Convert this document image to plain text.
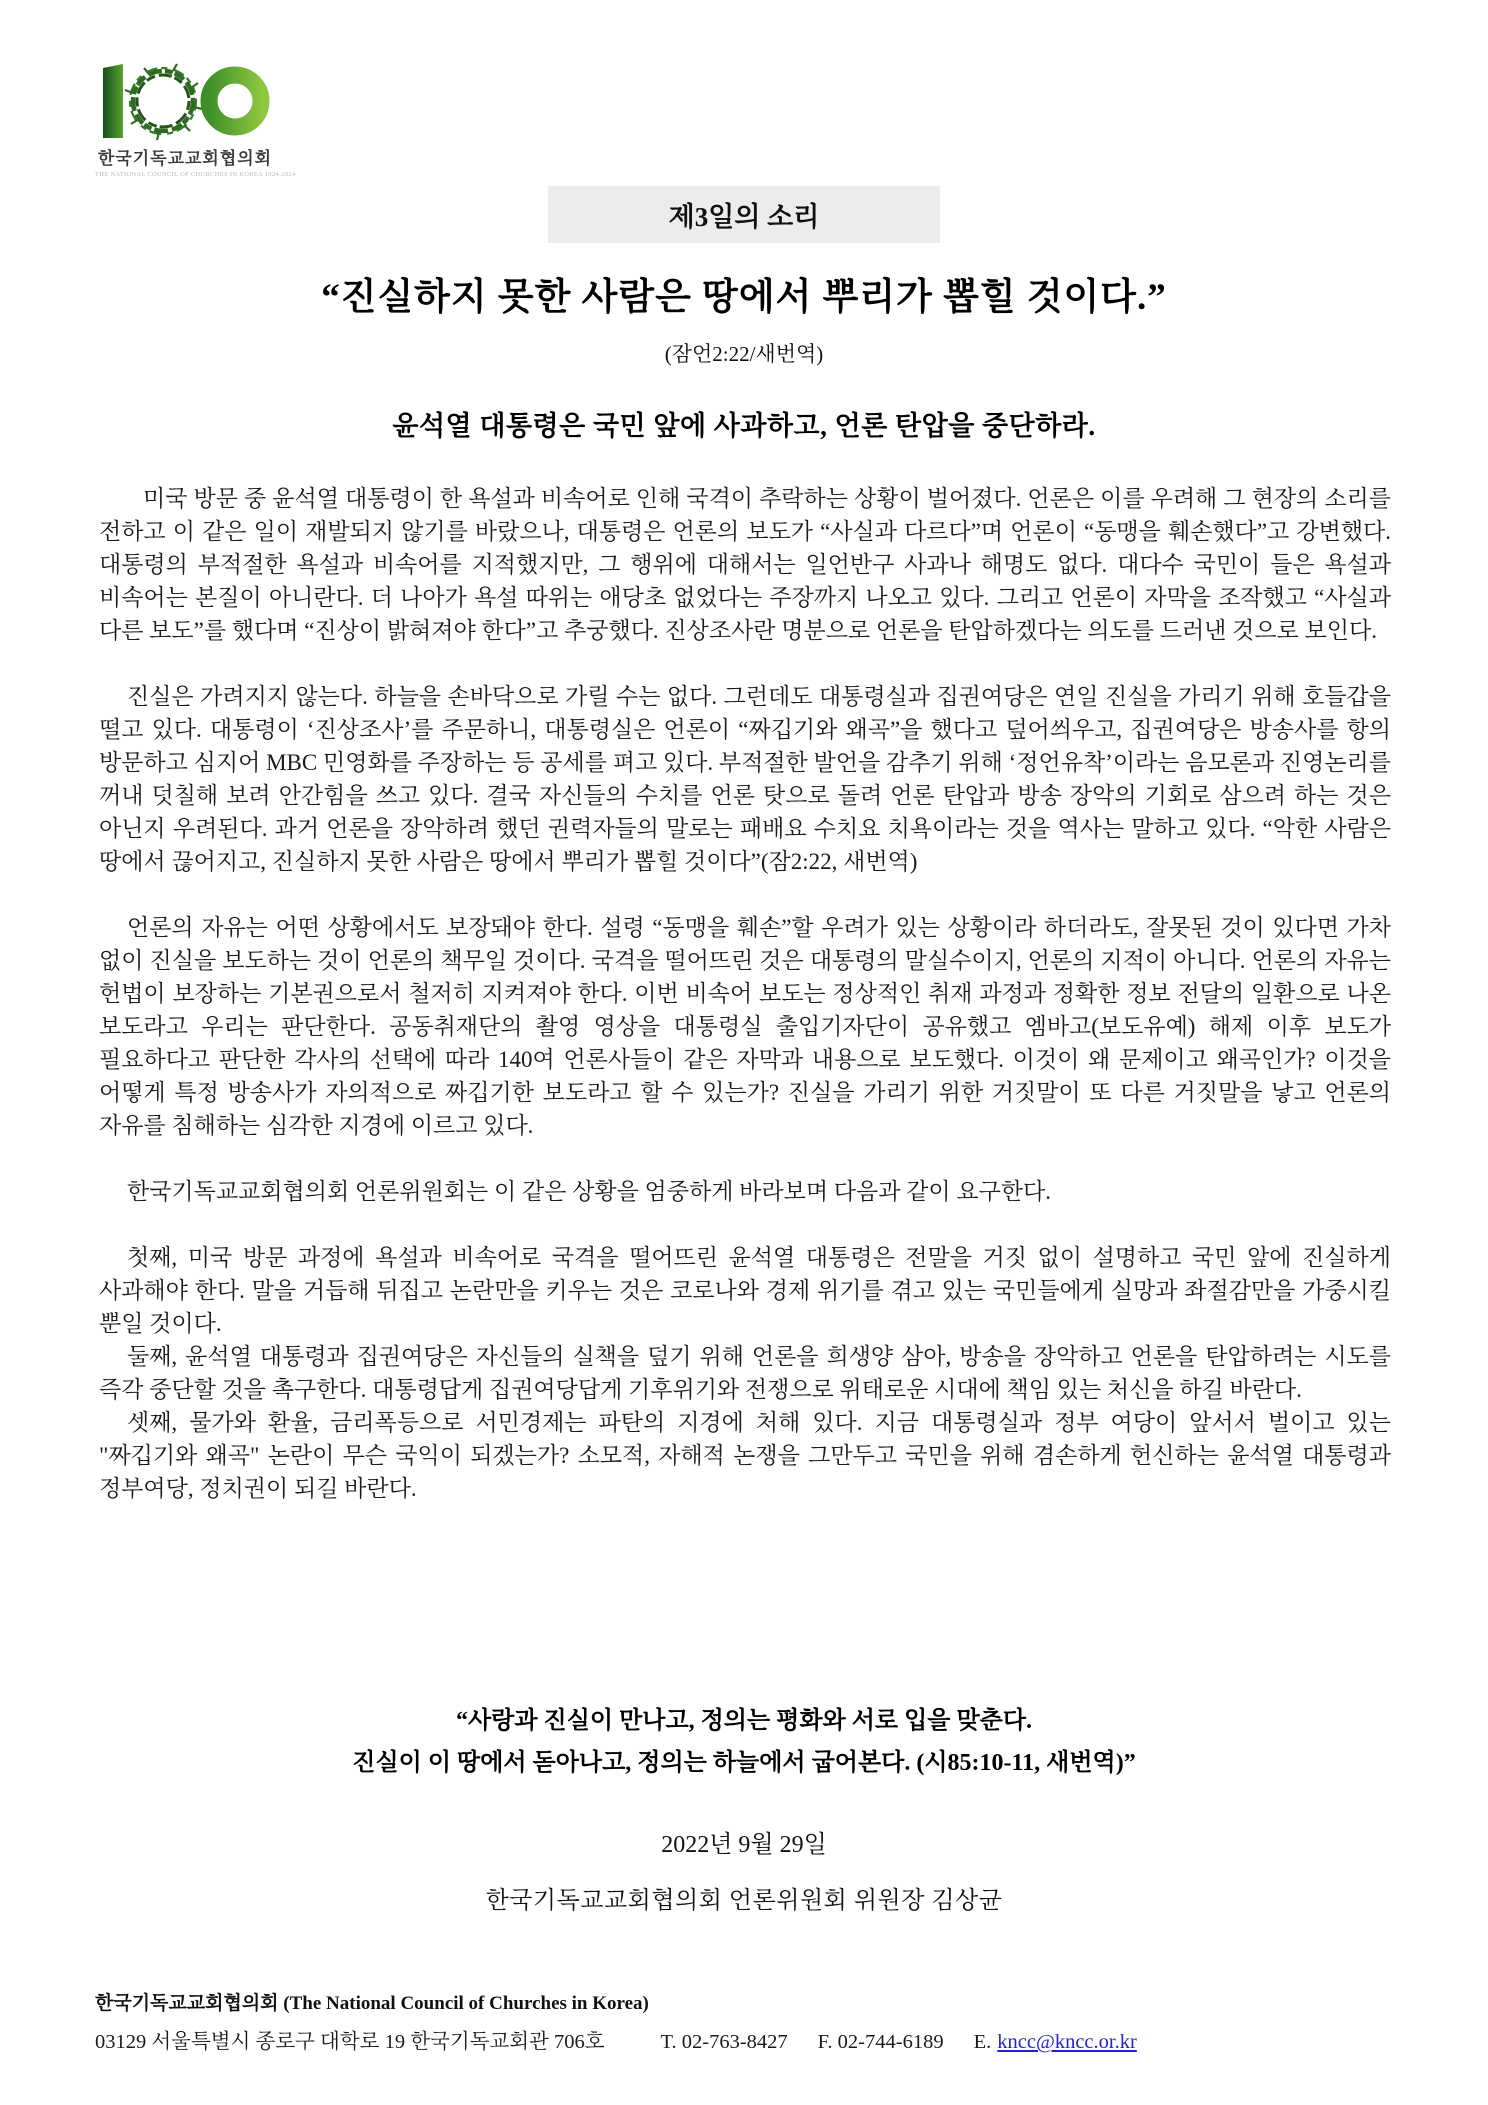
한국기독교교회협의회
THE NATIONAL COUNCIL OF CHURCHES IN KOREA 1924-2024
제3일의 소리
“진실하지 못한 사람은 땅에서 뿌리가 뽑힐 것이다.”
(잠언2:22/새번역)
윤석열 대통령은 국민 앞에 사과하고, 언론 탄압을 중단하라.

미국 방문 중 윤석열 대통령이 한 욕설과 비속어로 인해 국격이 추락하는 상황이 벌어졌다. 언론은 이를 우려해 그 현장의 소리를 전하고 이 같은 일이 재발되지 않기를 바랐으나, 대통령은 언론의 보도가 “사실과 다르다”며 언론이 “동맹을 훼손했다”고 강변했다. 대통령의 부적절한 욕설과 비속어를 지적했지만, 그 행위에 대해서는 일언반구 사과나 해명도 없다. 대다수 국민이 들은 욕설과 비속어는 본질이 아니란다. 더 나아가 욕설 따위는 애당초 없었다는 주장까지 나오고 있다. 그리고 언론이 자막을 조작했고 “사실과 다른 보도”를 했다며 “진상이 밝혀져야 한다”고 추궁했다. 진상조사란 명분으로 언론을 탄압하겠다는 의도를 드러낸 것으로 보인다.

진실은 가려지지 않는다. 하늘을 손바닥으로 가릴 수는 없다. 그런데도 대통령실과 집권여당은 연일 진실을 가리기 위해 호들갑을 떨고 있다. 대통령이 ‘진상조사’를 주문하니, 대통령실은 언론이 “짜깁기와 왜곡”을 했다고 덮어씌우고, 집권여당은 방송사를 항의 방문하고 심지어 MBC 민영화를 주장하는 등 공세를 펴고 있다. 부적절한 발언을 감추기 위해 ‘정언유착’이라는 음모론과 진영논리를 꺼내 덧칠해 보려 안간힘을 쓰고 있다. 결국 자신들의 수치를 언론 탓으로 돌려 언론 탄압과 방송 장악의 기회로 삼으려 하는 것은 아닌지 우려된다. 과거 언론을 장악하려 했던 권력자들의 말로는 패배요 수치요 치욕이라는 것을 역사는 말하고 있다. “악한 사람은 땅에서 끊어지고, 진실하지 못한 사람은 땅에서 뿌리가 뽑힐 것이다”(잠2:22, 새번역)

언론의 자유는 어떤 상황에서도 보장돼야 한다. 설령 “동맹을 훼손”할 우려가 있는 상황이라 하더라도, 잘못된 것이 있다면 가차 없이 진실을 보도하는 것이 언론의 책무일 것이다. 국격을 떨어뜨린 것은 대통령의 말실수이지, 언론의 지적이 아니다. 언론의 자유는 헌법이 보장하는 기본권으로서 철저히 지켜져야 한다. 이번 비속어 보도는 정상적인 취재 과정과 정확한 정보 전달의 일환으로 나온 보도라고 우리는 판단한다. 공동취재단의 촬영 영상을 대통령실 출입기자단이 공유했고 엠바고(보도유예) 해제 이후 보도가 필요하다고 판단한 각사의 선택에 따라 140여 언론사들이 같은 자막과 내용으로 보도했다. 이것이 왜 문제이고 왜곡인가? 이것을 어떻게 특정 방송사가 자의적으로 짜깁기한 보도라고 할 수 있는가? 진실을 가리기 위한 거짓말이 또 다른 거짓말을 낳고 언론의 자유를 침해하는 심각한 지경에 이르고 있다.

한국기독교교회협의회 언론위원회는 이 같은 상황을 엄중하게 바라보며 다음과 같이 요구한다.

첫째, 미국 방문 과정에 욕설과 비속어로 국격을 떨어뜨린 윤석열 대통령은 전말을 거짓 없이 설명하고 국민 앞에 진실하게 사과해야 한다. 말을 거듭해 뒤집고 논란만을 키우는 것은 코로나와 경제 위기를 겪고 있는 국민들에게 실망과 좌절감만을 가중시킬 뿐일 것이다.

둘째, 윤석열 대통령과 집권여당은 자신들의 실책을 덮기 위해 언론을 희생양 삼아, 방송을 장악하고 언론을 탄압하려는 시도를 즉각 중단할 것을 촉구한다. 대통령답게 집권여당답게 기후위기와 전쟁으로 위태로운 시대에 책임 있는 처신을 하길 바란다.

셋째, 물가와 환율, 금리폭등으로 서민경제는 파탄의 지경에 처해 있다. 지금 대통령실과 정부 여당이 앞서서 벌이고 있는 "짜깁기와 왜곡" 논란이 무슨 국익이 되겠는가? 소모적, 자해적 논쟁을 그만두고 국민을 위해 겸손하게 헌신하는 윤석열 대통령과 정부여당, 정치권이 되길 바란다.

“사랑과 진실이 만나고, 정의는 평화와 서로 입을 맞춘다.
진실이 이 땅에서 돋아나고, 정의는 하늘에서 굽어본다. (시85:10-11, 새번역)”
2022년 9월 29일
한국기독교교회협의회 언론위원회 위원장 김상균
한국기독교교회협의회 (The National Council of Churches in Korea)
03129 서울특별시 종로구 대학로 19 한국기독교회관 706호	T. 02-763-8427 F. 02-744-6189 E. kncc@kncc.or.kr
